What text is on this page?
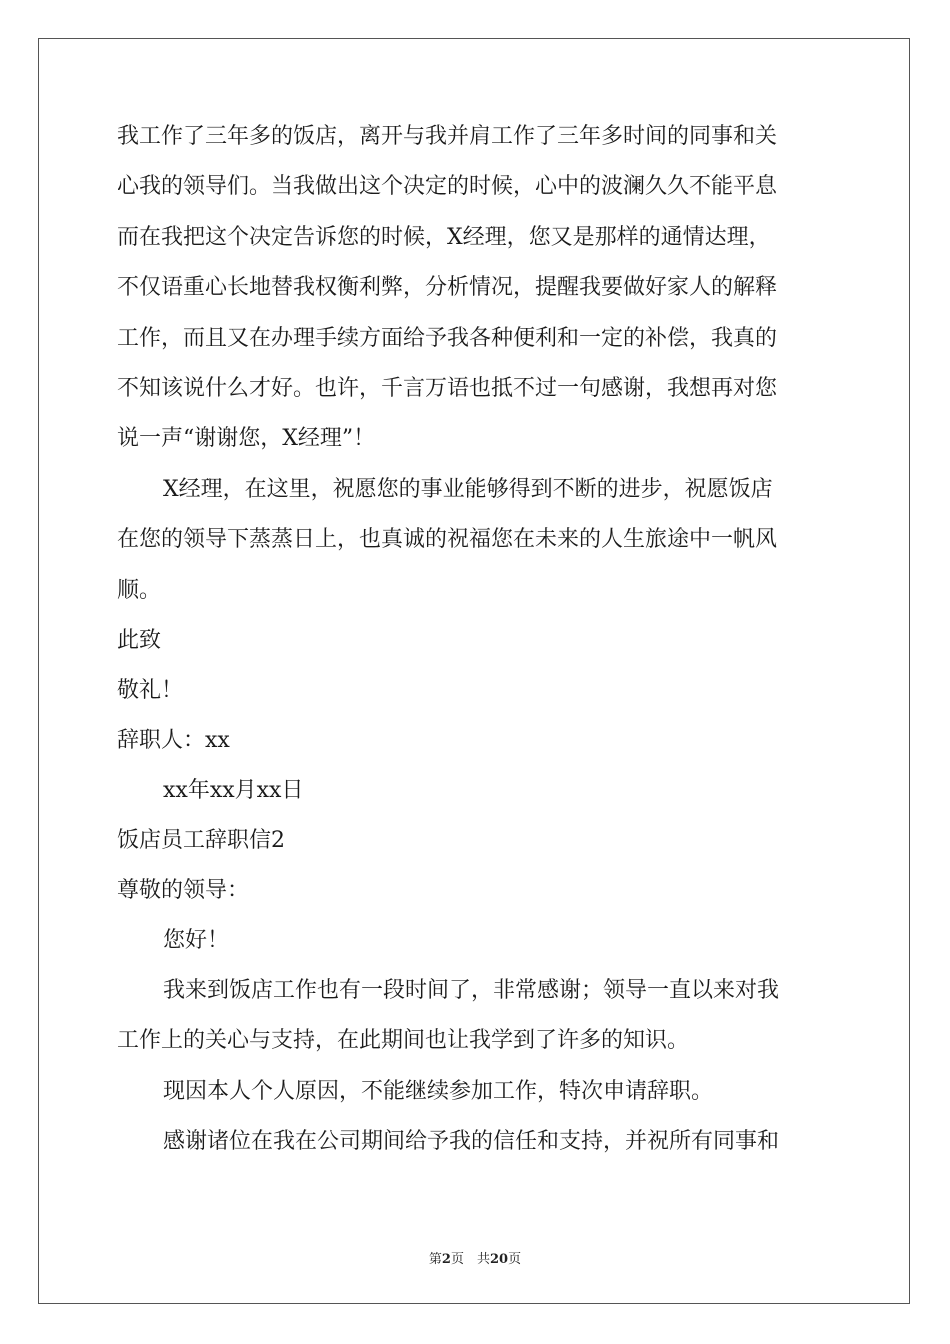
我工作了三年多的饭店，离开与我并肩工作了三年多时间的同事和关

心我的领导们。当我做出这个决定的时候，心中的波澜久久不能平息

而在我把这个决定告诉您的时候，X经理，您又是那样的通情达理，

不仅语重心长地替我权衡利弊，分析情况，提醒我要做好家人的解释

工作，而且又在办理手续方面给予我各种便利和一定的补偿，我真的

不知该说什么才好。也许，千言万语也抵不过一句感谢，我想再对您

说一声“谢谢您，X经理”！

X经理，在这里，祝愿您的事业能够得到不断的进步，祝愿饭店

在您的领导下蒸蒸日上，也真诚的祝福您在未来的人生旅途中一帆风

顺。

此致

敬礼！

辞职人：xx

xx年xx月xx日

饭店员工辞职信2

尊敬的领导：

您好！

我来到饭店工作也有一段时间了，非常感谢；领导一直以来对我

工作上的关心与支持，在此期间也让我学到了许多的知识。

现因本人个人原因，不能继续参加工作，特次申请辞职。

感谢诸位在我在公司期间给予我的信任和支持，并祝所有同事和

第2页　共20页
